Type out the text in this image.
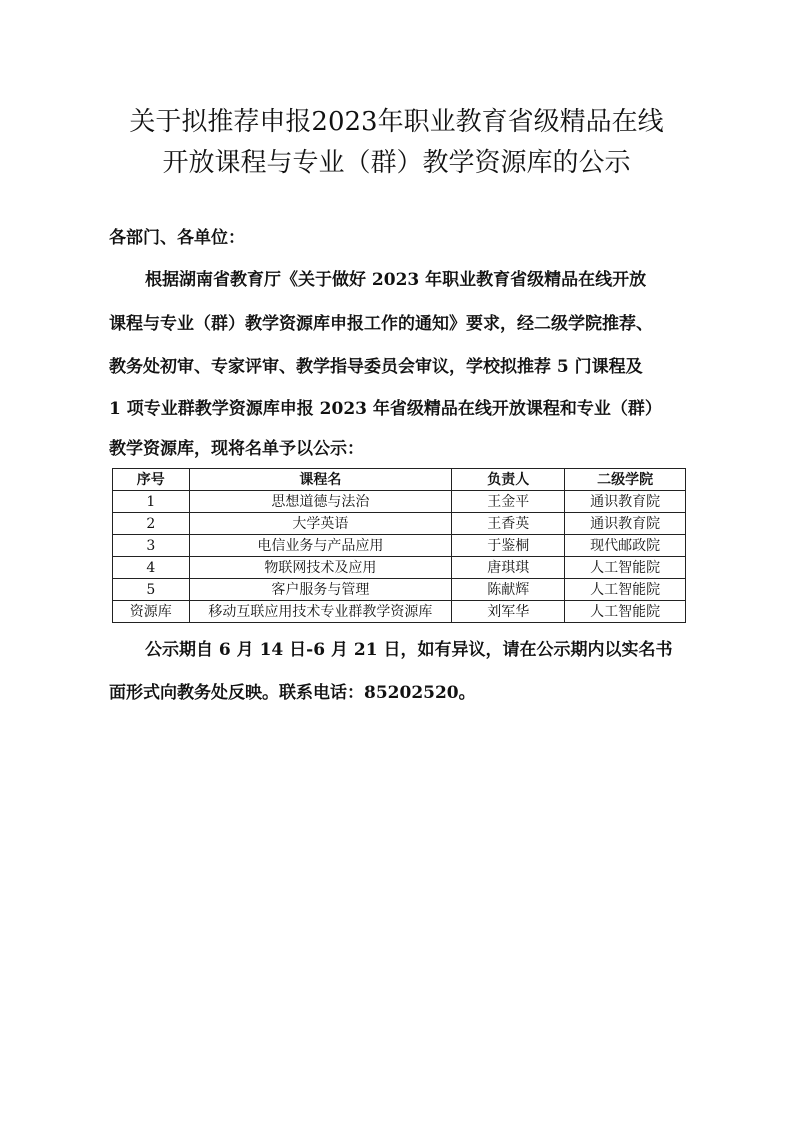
关于拟推荐申报2023年职业教育省级精品在线
开放课程与专业（群）教学资源库的公示
各部门、各单位：
根据湖南省教育厅《关于做好 2023 年职业教育省级精品在线开放
课程与专业（群）教学资源库申报工作的通知》要求，经二级学院推荐、
教务处初审、专家评审、教学指导委员会审议，学校拟推荐 5 门课程及
1 项专业群教学资源库申报 2023 年省级精品在线开放课程和专业（群）
教学资源库，现将名单予以公示：
序号	课程名	负责人	二级学院
1	思想道德与法治	王金平	通识教育院
2	大学英语	王香英	通识教育院
3	电信业务与产品应用	于鉴桐	现代邮政院
4	物联网技术及应用	唐琪琪	人工智能院
5	客户服务与管理	陈献辉	人工智能院
资源库	移动互联应用技术专业群教学资源库	刘军华	人工智能院
公示期自 6 月 14 日-6 月 21 日，如有异议，请在公示期内以实名书
面形式向教务处反映。联系电话：85202520。
